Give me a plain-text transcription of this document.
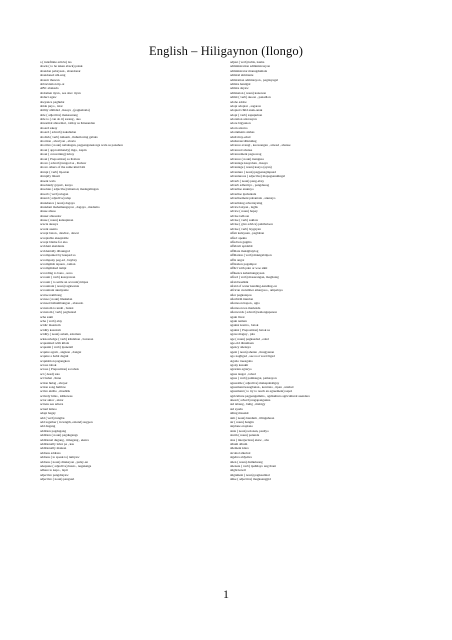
English – Hiligaynon (Ilongo)
a ( indefinite article) isa
aback ( to be taken aback) palak
abandon pabayaan , abandonar
abandoned ubi-ung
abatoir ihawan
abbreviation tip-ot
ABC abakada
abdomen tiyan , see also: tiyan
abduct agaw
abeyance paghulat
abide puyo , istar
ability abilidad , ikaaya , (pagkabatia)
able ( adjective) makasarang
able to ( can do it) sarang , ako
abnormal abnormal , tablay sa Kinaandan
aboard sakay
aboard ( adverb) nakabulan
abolish ( verb) iuhaam , iluhum ning gabuts
abortion , abortyon , aborto
abortive ( noun) nabulagan, pagpanganak nga wala sa panahon
about ( approximately) mga , kapin
about ( concerning) tuhoy
about ( Preposition) sa ibabaw
above ( adverb) tungod sa , ibabaw
above others of the same kind labi
abrupt ( verb) lip-utan
abruptly lmasti
absent wala
absolutely gayud , kaayo
absolute ( adjective) imantod, madagalingan
absorb ( verb) ulogan
absurd ( adjective) ulap
abundance ( noun) dagaya
abundant mahamungayon , dagaya , madamo
abuse abuso
abuser abusador
abuse ( noun) kalaupinan
acacia akasya
accent asento
accept baton , dawhat , dawat
acceptable akseptable
accept blame for ako
accident aksidente
accidentally dilaungod
accompanied by kauped sa
accompany pag-ed , buybay
accomplish tapuon , taman
accomplished tampt
according to bono , sono
account ( verb) kaasyawan
account ( to settle an account) impas
accountant ( noun) tagkwenta
accountant akunyante
accrue nambong
accuse ( noun) lmakulan
accused isthumbungon , abasado
accustom to unali , batasi
accustom ( verb) pagbatasd
ache sakit
ache ( verb) alay
acidic maaslom
acidity kaaslom
acidity ( noun) aslom, asloman
acknowledge ( verb) kilalahon , batonon
acquainted with kilala
acquaint ( verb) ipanetail
acquire agom , angkon , dangat
acquire a habit dagnit
acquisition pagangkon
across tabok
across ( Preposition) sa tabok
act ( deed) sato
act buhat , linne
action hulag , ahoyer
action song hulilaw
active aktibo , maabtik
actively hilas , kilikawas
actor aktor , aktor
actress sea aritera
actual lamoo
adapt hagay
add ( verb) tungbu
add together ( in length, extend) sugpon
add dugang
addition pagdugang
addition ( noun) pagdugangs
additional dugang , timagang , ekstra
additionally labot pa , kas
additionally matuan
address address
address ( to speak to) tumyaw
address ( noun) direksyon , pulsy-an
adequate ( adjective) husto , nagakaiga
adhere to kapo , lapit
adjective pangdtayaw
adjective ( noun) pangsari
adjust ( verb) iubla, isama
administration administrasyon
administrator manugdumala
admiral almirante
admiration admirasyon , pagdayagal
admire handgal
admire dayaw
admission ( noun) kanonon
admit ( verb) akoon , panadlon
adobe adobe
adopt adoptar , aagaron
adopted child anak-anak
adopt ( verb) sapupuhon
adoration adorasyon
adore bigyunon
adorn adorno
adornments alahas
adult may-edad
adulterate/dilutuhug
advance avangt , kaowangan , anwad , abanse
advanced abanse
advancement pagsowag
advance ( noun) inangusa
advantage kaayohan , ikaayo
advantage ( noun) kaayo (ayan)
adventure ( noun) pagpanaginpuad
adventurous ( adjective) mapagsanulingal
adverb ( noun) pang-abay
adverb adbertiyo , pangduaog
advertise anunsyo
advertise ipabantala
advertisement pabantala , anunsyo
advertising advertaysing
advice lanyan , laglis
advice ( noun) hapay
advise tadloon
advise ( verb) saklaw
advise ( give advice) pahibaloon
advise ( verb) laygayan
affair kalayuan , paglaban
affect apekto
affection gugma
affidavit apidabit
affiliate makigbuylog
affiliation ( verb) makigabtipon
affix angot
affixation pagampot
afflict with pain or woe sikit
affluence kahamungayaan
afford ( verb) masarangan, maghatag
afraid kaalkik
afraid of water kanding-kanding-on
African cucumber amargoso , ampalaya
after pagkatapos
afterbirth inunlon
afternoon hapon , ugto
afternoon tea merienda
afterwards ( adverb) kahongupanon
again liwat
again naman
against kontra , batok
against ( Preposition) batok sa
agave maguy , pita
age ( noun) pagkaedad , edad
age-old dinumaan
agency ahensya
agent ( noun) ahente , tinugyanan
ago nagligad , see root word ligad
Agoho treeagoho
agony kasakit
agrarian agraryo
agree isugot , tabad
agree ( verb) pamisugot, pamaayon
agreeable ( adjective) makapahaligay
agreement kasagbutan , kontrato , tipan , unidad
agreement ( to try to reach an agreement) sapol
agriculture pagpangumma , agrikultura agricultural asendero
ahead ( adverb) nagapangunna
aid tabang , bulig , mabigy
aid ayuda
ailing masakit
aim ( noun) handum , tilinguhaon
air ( noun) hangin
airplane eroplano
aisle ( noun) solonan, pasilyo
alarm ( noun) patunda
alas ( interjection) akaw , aba
album album
allement klaro
alcohol alkohol
algebra aldyebra
alien ( noun) dumuluong
alienate ( verb) ipahilayo ang ibant
alight kawil
alignment ( noun) pagkaalinal
alike ( adjective) magkaanggid
1
